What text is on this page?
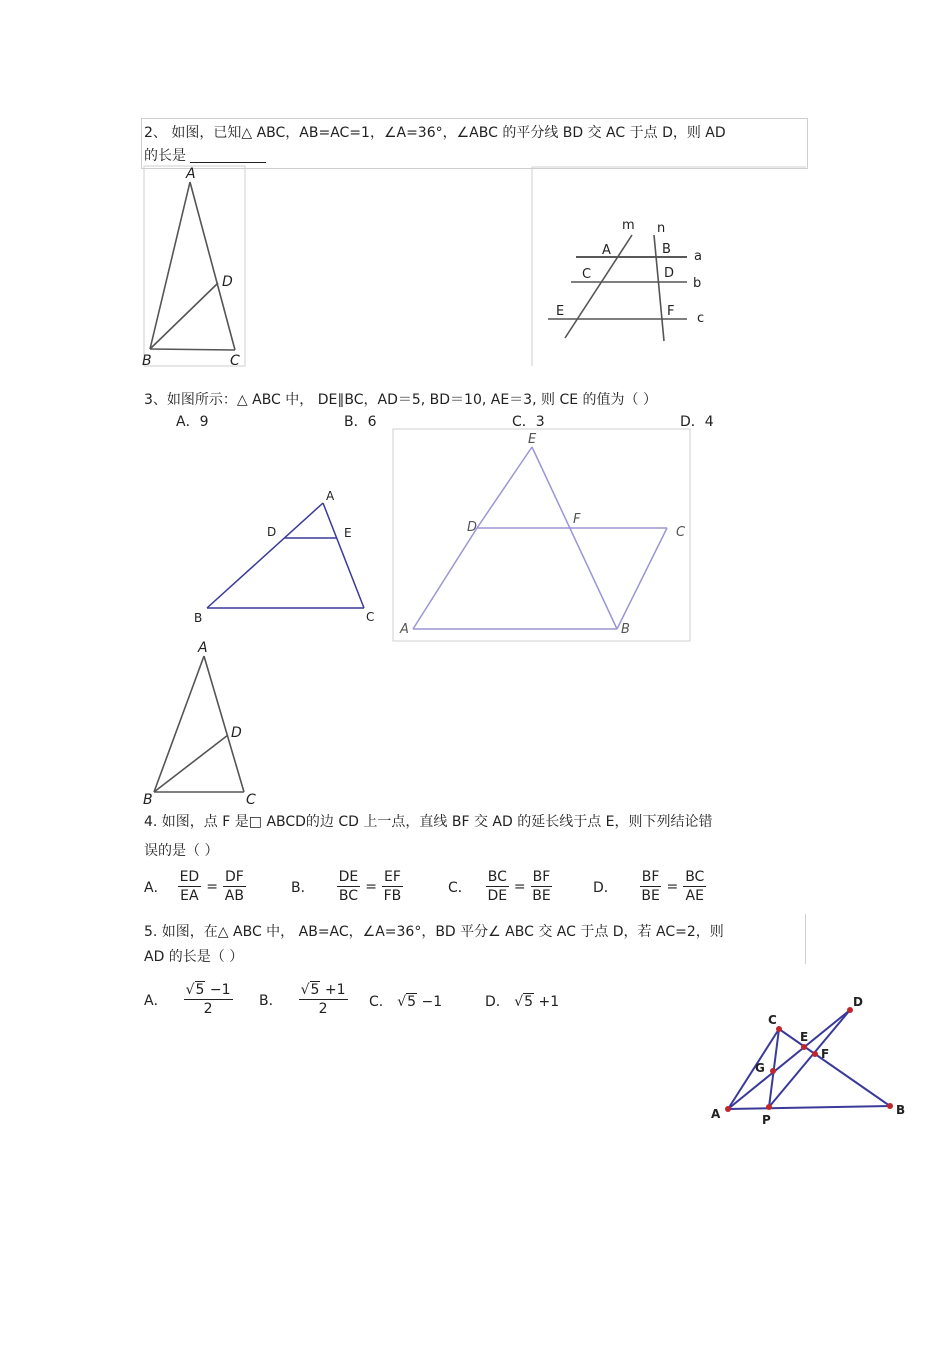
2、 如图，已知△ ABC，AB=AC=1，∠A=36°，∠ABC 的平分线 BD 交 AC 于点 D，则 AD
的长是
A
D
B	C
m n
A	B a
C	D
b
E	F c
3、如图所示：△ ABC 中， DE∥BC，AD＝5, BD＝10, AE＝3, 则 CE 的值为（ ）
A．9	B．6	C．3	D．4
A
D	E
B	C
E
D
F
C
A	B
A
D
B	C
4. 如图，点 F 是□ ABCD的边 CD 上一点，直线 BF 交 AD 的延长线于点 E，则下列结论错
误的是（ ）
A． $\frac{ED}{EA} = \frac{DF}{AB}$	B． $\frac{DE}{BC} = \frac{EF}{FB}$	C． $\frac{BC}{DE} = \frac{BF}{BE}$	D． $\frac{BF}{BE} = \frac{BC}{AE}$
5. 如图，在△ ABC 中， AB=AC，∠A=36°，BD 平分∠ ABC 交 AC 于点 D，若 AC=2，则
AD 的长是（ ）
A． $\frac{√5 -1}{2}$ B． $\frac{√5 +1}{2} C$. √5 −1	D. √5 +1	D
C
E
F
G
A	P
B
